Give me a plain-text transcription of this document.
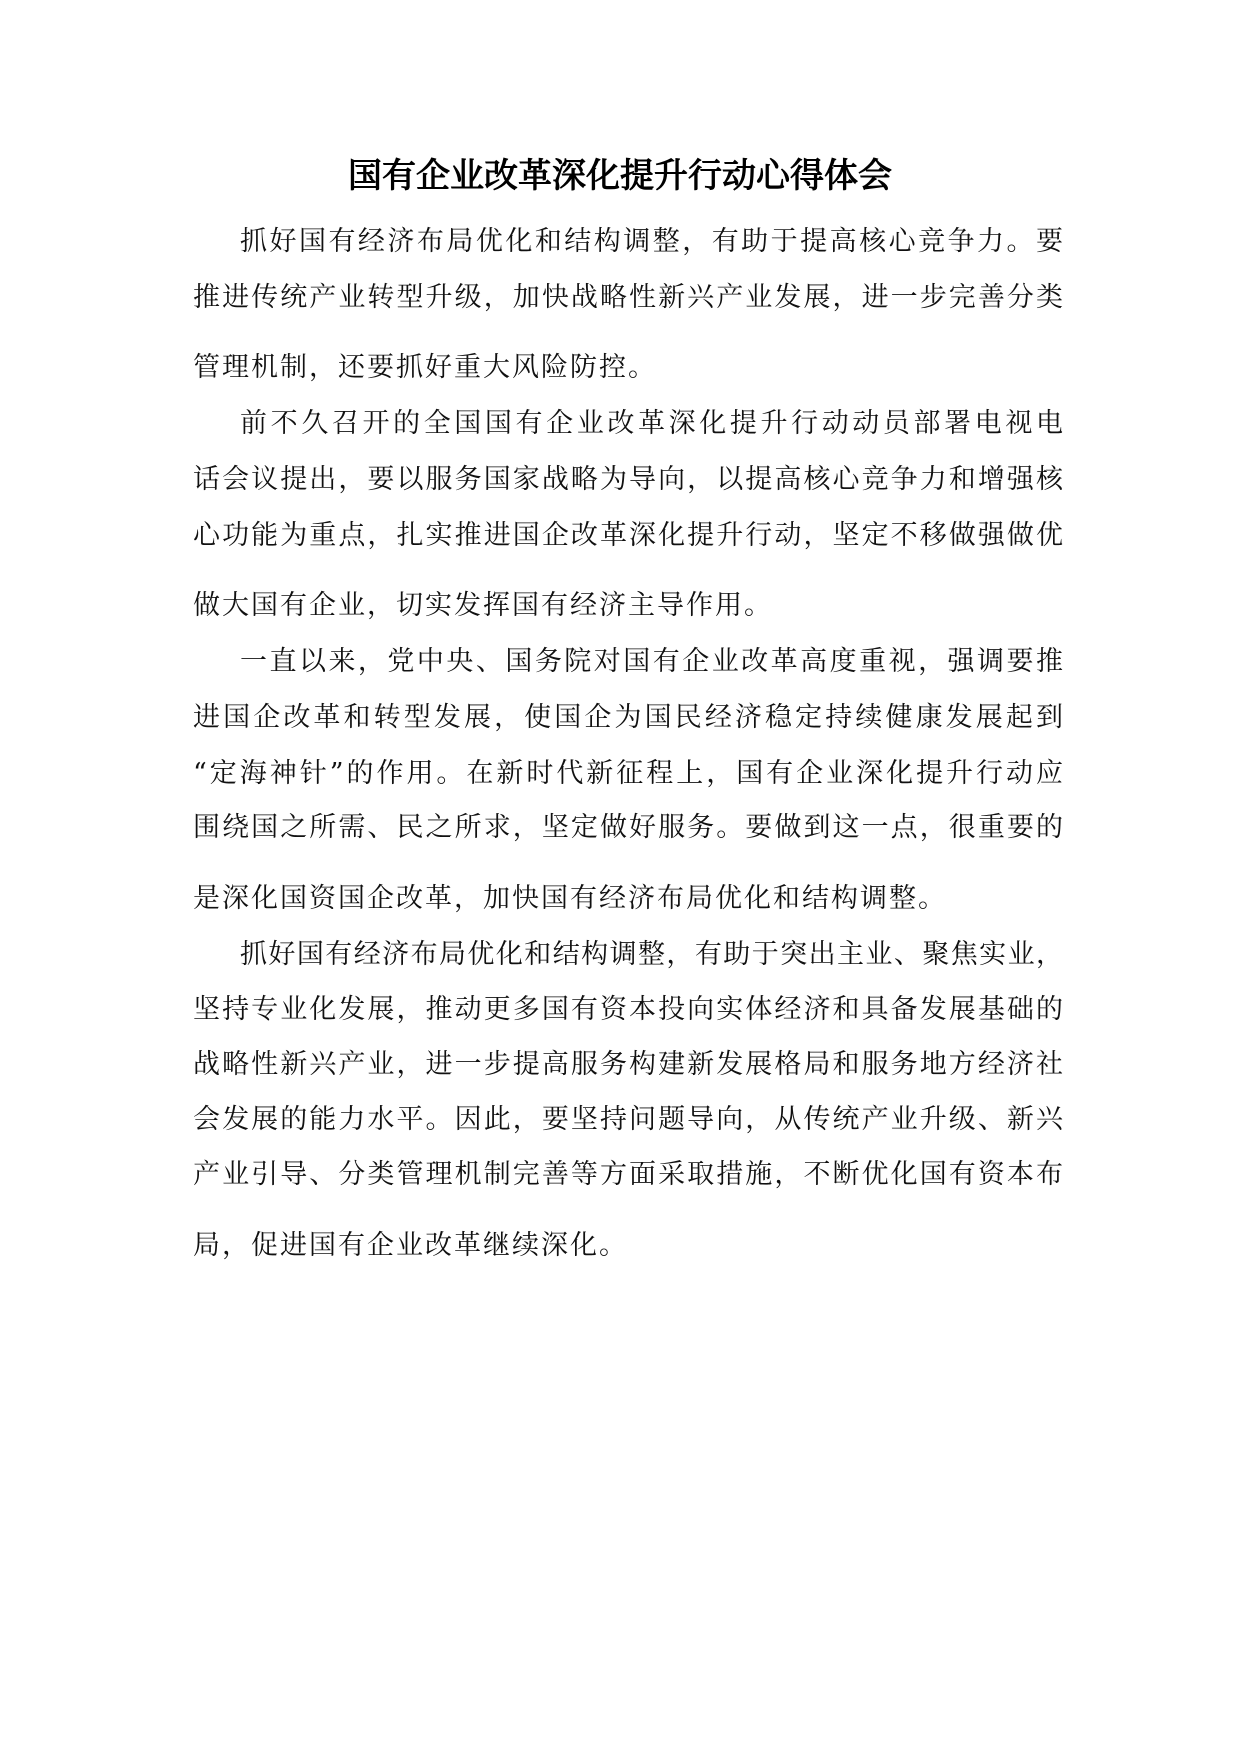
国有企业改革深化提升行动心得体会

抓好国有经济布局优化和结构调整，有助于提高核心竞争力。要

推进传统产业转型升级，加快战略性新兴产业发展，进一步完善分类

管理机制，还要抓好重大风险防控。

前不久召开的全国国有企业改革深化提升行动动员部署电视电

话会议提出，要以服务国家战略为导向，以提高核心竞争力和增强核

心功能为重点，扎实推进国企改革深化提升行动，坚定不移做强做优

做大国有企业，切实发挥国有经济主导作用。

一直以来，党中央、国务院对国有企业改革高度重视，强调要推

进国企改革和转型发展，使国企为国民经济稳定持续健康发展起到

“定海神针”的作用。在新时代新征程上，国有企业深化提升行动应

围绕国之所需、民之所求，坚定做好服务。要做到这一点，很重要的

是深化国资国企改革，加快国有经济布局优化和结构调整。

抓好国有经济布局优化和结构调整，有助于突出主业、聚焦实业，

坚持专业化发展，推动更多国有资本投向实体经济和具备发展基础的

战略性新兴产业，进一步提高服务构建新发展格局和服务地方经济社

会发展的能力水平。因此，要坚持问题导向，从传统产业升级、新兴

产业引导、分类管理机制完善等方面采取措施，不断优化国有资本布

局，促进国有企业改革继续深化。
